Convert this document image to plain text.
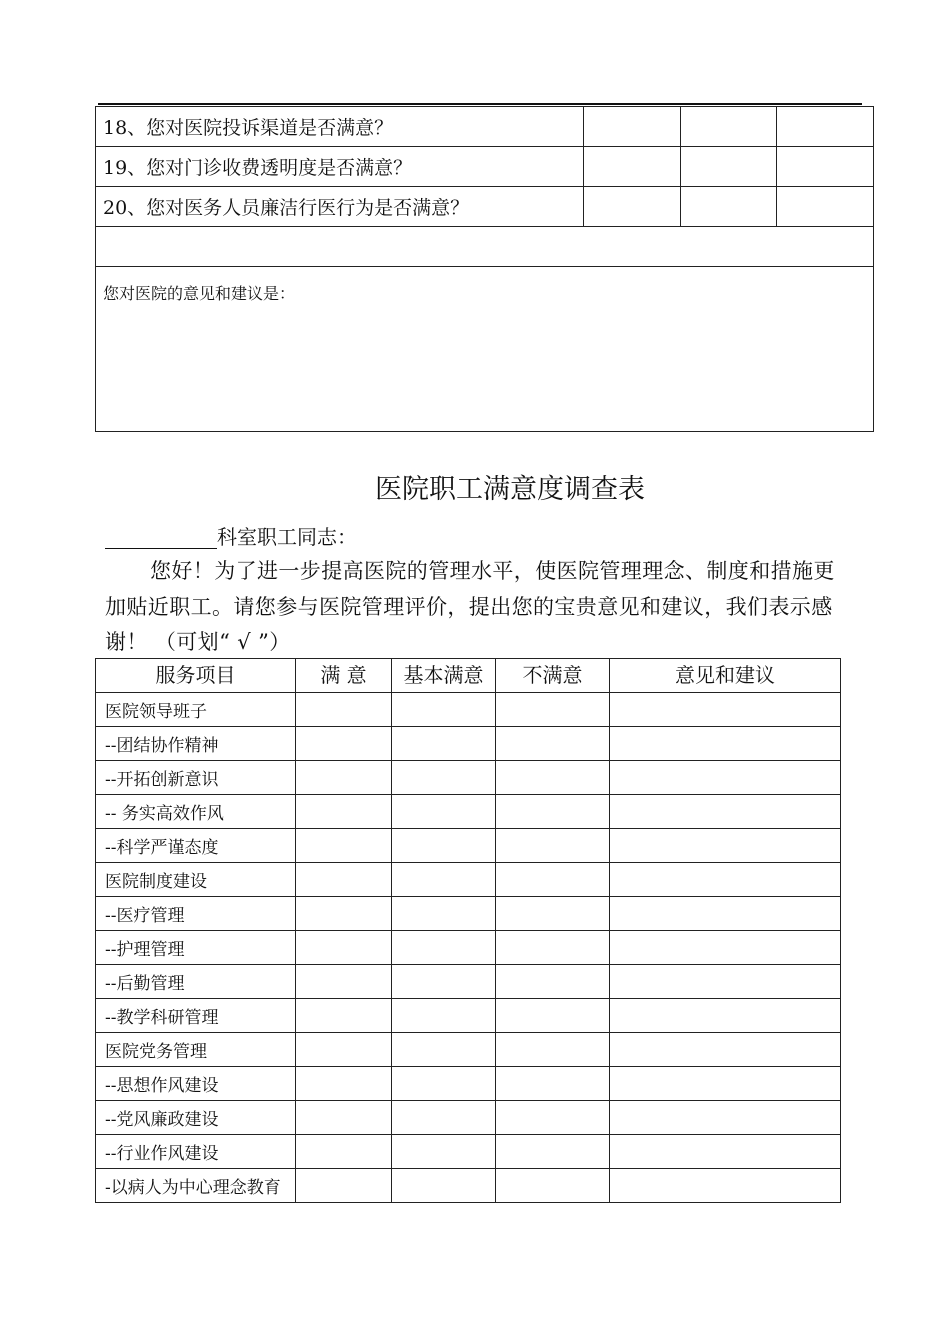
18、您对医院投诉渠道是否满意？			
19、您对门诊收费透明度是否满意？			
20、您对医务人员廉洁行医行为是否满意？			

您对医院的意见和建议是：			
医院职工满意度调查表
科室职工同志：
您好！为了进一步提高医院的管理水平，使医院管理理念、制度和措施更
加贴近职工。请您参与医院管理评价，提出您的宝贵意见和建议，我们表示感
谢！ （可划“ √ ”）
服务项目	满 意	基本满意	不满意	意见和建议
医院领导班子				
--团结协作精神				
--开拓创新意识				
-- 务实高效作风				
--科学严谨态度				
医院制度建设				
--医疗管理				
--护理管理				
--后勤管理				
--教学科研管理				
医院党务管理				
--思想作风建设				
--党风廉政建设				
--行业作风建设				
-以病人为中心理念教育				
